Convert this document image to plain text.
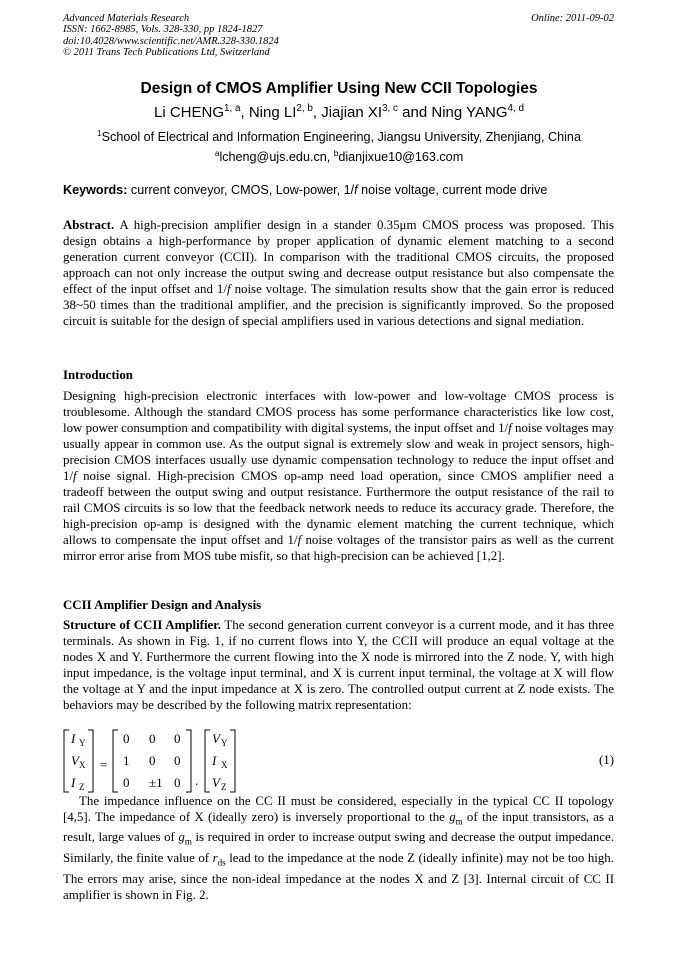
Advanced Materials Research
ISSN: 1662-8985, Vols. 328-330, pp 1824-1827
doi:10.4028/www.scientific.net/AMR.328-330.1824
© 2011 Trans Tech Publications Ltd, Switzerland
Online: 2011-09-02
Design of CMOS Amplifier Using New CCII Topologies
Li CHENG$^{1, a}$, Ning LI$^{2, b}$, Jiajian XI$^{3, c}$ and Ning YANG$^{4, d}$
$^1$School of Electrical and Information Engineering, Jiangsu University, Zhenjiang, China
$^a$lcheng@ujs.edu.cn, $^b$dianjixue10@163.com
Keywords: current conveyor, CMOS, Low-power, 1/f noise voltage, current mode drive
Abstract. A high-precision amplifier design in a stander 0.35μm CMOS process was proposed. This design obtains a high-performance by proper application of dynamic element matching to a second generation current conveyor (CCII). In comparison with the traditional CMOS circuits, the proposed approach can not only increase the output swing and decrease output resistance but also compensate the effect of the input offset and 1/f noise voltage. The simulation results show that the gain error is reduced 38~50 times than the traditional amplifier, and the precision is significantly improved. So the proposed circuit is suitable for the design of special amplifiers used in various detections and signal mediation.
Introduction
Designing high-precision electronic interfaces with low-power and low-voltage CMOS process is troublesome. Although the standard CMOS process has some performance characteristics like low cost, low power consumption and compatibility with digital systems, the input offset and 1/f noise voltages may usually appear in common use. As the output signal is extremely slow and weak in project sensors, high-precision CMOS interfaces usually use dynamic compensation technology to reduce the input offset and 1/f noise signal. High-precision CMOS op-amp need load operation, since CMOS amplifier need a tradeoff between the output swing and output resistance. Furthermore the output resistance of the rail to rail CMOS circuits is so low that the feedback network needs to reduce its accuracy grade. Therefore, the high-precision op-amp is designed with the dynamic element matching the current technique, which allows to compensate the input offset and 1/f noise voltages of the transistor pairs as well as the current mirror error arise from MOS tube misfit, so that high-precision can be achieved [1,2].
CCII Amplifier Design and Analysis
Structure of CCII Amplifier. The second generation current conveyor is a current mode, and it has three terminals. As shown in Fig. 1, if no current flows into Y, the CCII will produce an equal voltage at the nodes X and Y. Furthermore the current flowing into the X node is mirrored into the Z node. Y, with high input impedance, is the voltage input terminal, and X is current input terminal, the voltage at X will flow the voltage at Y and the input impedance at X is zero. The controlled output current at Z node exists. The behaviors may be described by the following matrix representation:
I Y
V X
I Z
=
0 0 0
1 0 0
0 ±1 0 .
V Y
I X
V Z
(1)
The impedance influence on the CC II must be considered, especially in the typical CC II topology [4,5]. The impedance of X (ideally zero) is inversely proportional to the $g_m$ of the input transistors, as a result, large values of $g_m$ is required in order to increase output swing and decrease the output impedance. Similarly, the finite value of $r_{ds}$ lead to the impedance at the node Z (ideally infinite) may not be too high. The errors may arise, since the non-ideal impedance at the nodes X and Z [3]. Internal circuit of CC II amplifier is shown in Fig. 2.
